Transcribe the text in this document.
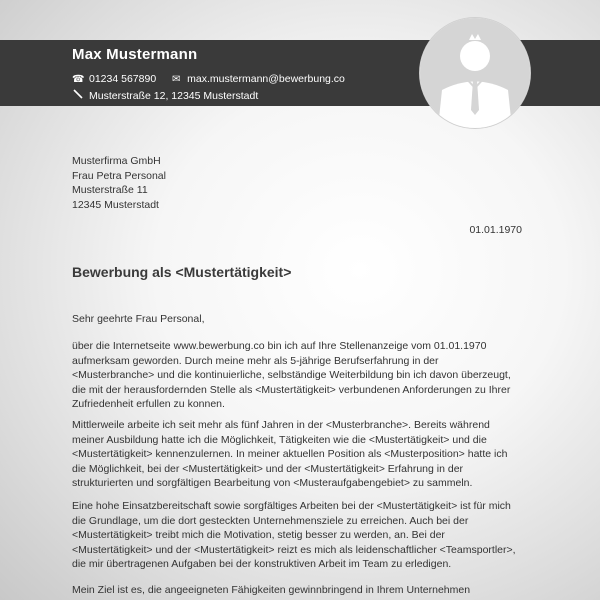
Max Mustermann
☎ 01234 567890 ✉ max.mustermann@bewerbung.co
Musterstraße 12, 12345 Musterstadt
Musterfirma GmbH
Frau Petra Personal
Musterstraße 11
12345 Musterstadt
01.01.1970
Bewerbung als <Mustertätigkeit>
Sehr geehrte Frau Personal,
über die Internetseite www.bewerbung.co bin ich auf Ihre Stellenanzeige vom 01.01.1970
aufmerksam geworden. Durch meine mehr als 5-jährige Berufserfahrung in der
<Musterbranche> und die kontinuierliche, selbständige Weiterbildung bin ich davon überzeugt,
die mit der herausfordernden Stelle als <Mustertätigkeit> verbundenen Anforderungen zu Ihrer
Zufriedenheit erfullen zu konnen.
Mittlerweile arbeite ich seit mehr als fünf Jahren in der <Musterbranche>. Bereits während
meiner Ausbildung hatte ich die Möglichkeit, Tätigkeiten wie die <Mustertätigkeit> und die
<Mustertätigkeit> kennenzulernen. In meiner aktuellen Position als <Musterposition> hatte ich
die Möglichkeit, bei der <Mustertätigkeit> und der <Mustertätigkeit> Erfahrung in der
strukturierten und sorgfältigen Bearbeitung von <Musteraufgabengebiet> zu sammeln.
Eine hohe Einsatzbereitschaft sowie sorgfältiges Arbeiten bei der <Mustertätigkeit> ist für mich
die Grundlage, um die dort gesteckten Unternehmensziele zu erreichen. Auch bei der
<Mustertätigkeit> treibt mich die Motivation, stetig besser zu werden, an. Bei der
<Mustertätigkeit> und der <Mustertätigkeit> reizt es mich als leidenschaftlicher <Teamsportler>,
die mir übertragenen Aufgaben bei der konstruktiven Arbeit im Team zu erledigen.
Mein Ziel ist es, die angeeigneten Fähigkeiten gewinnbringend in Ihrem Unternehmen
